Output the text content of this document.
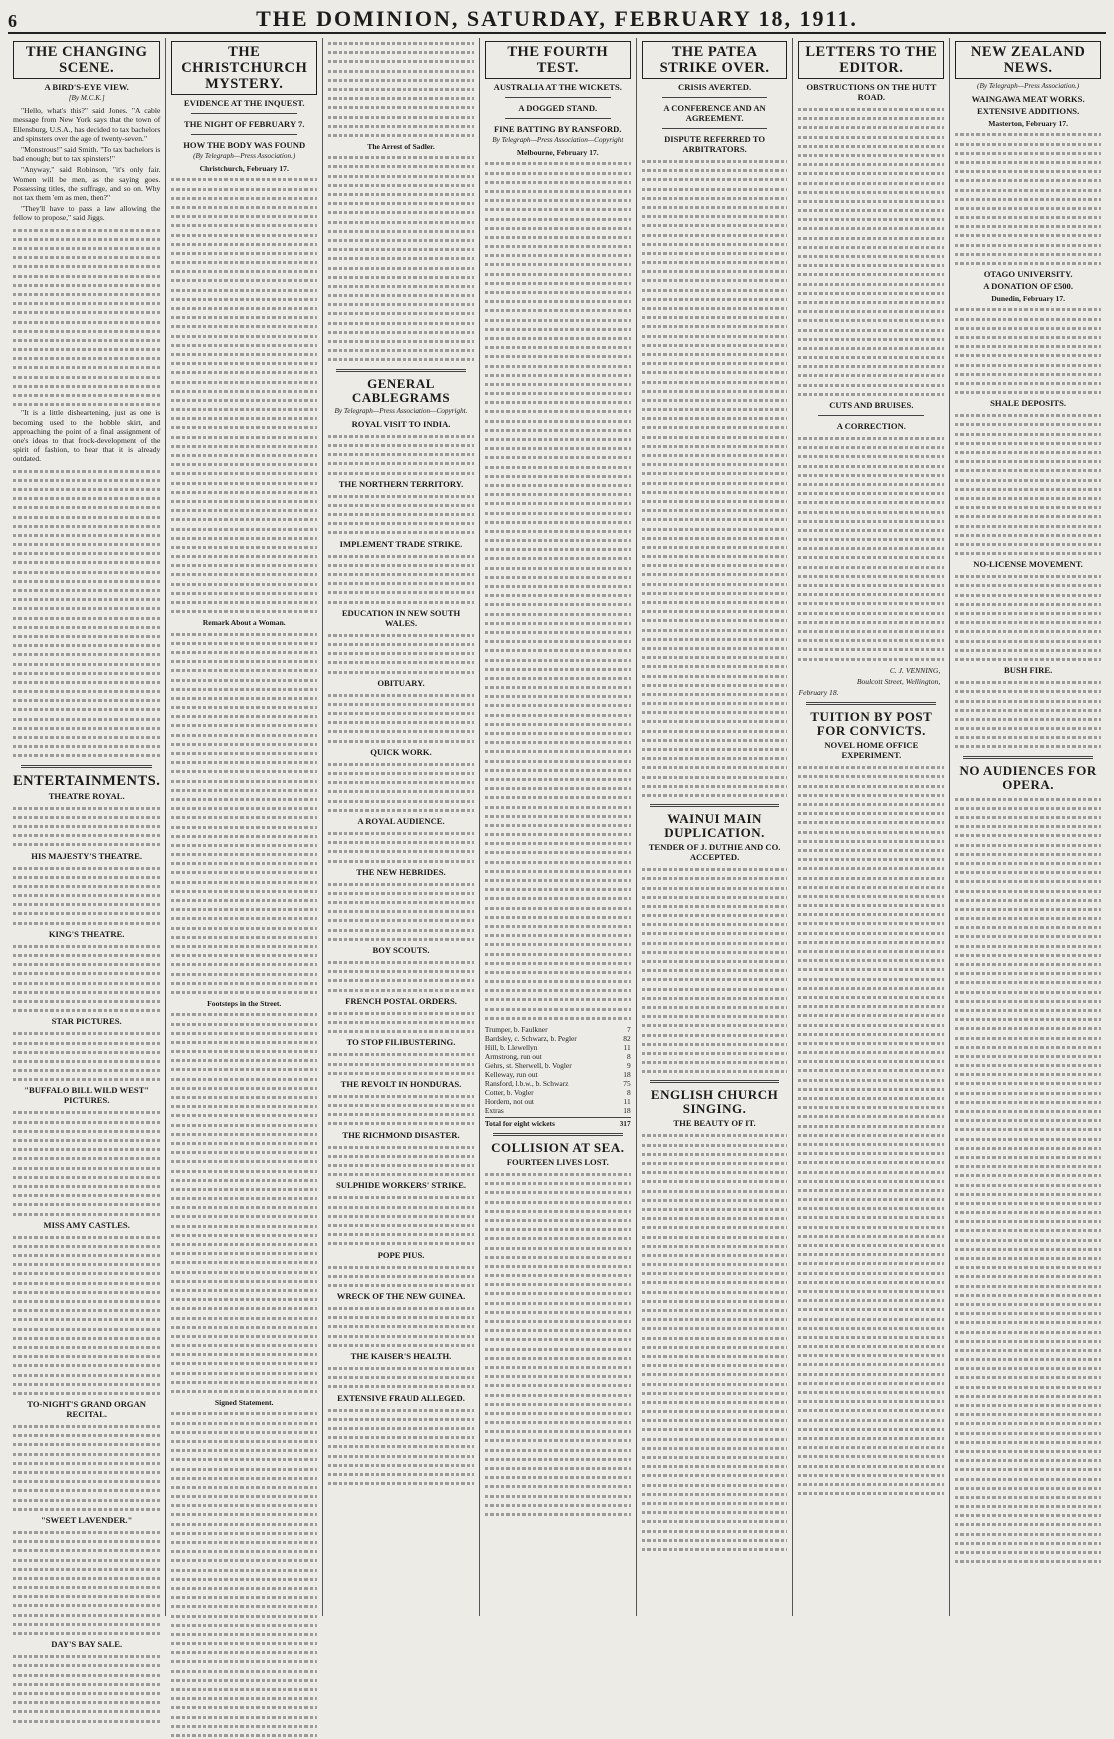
6	THE DOMINION, SATURDAY, FEBRUARY 18, 1911.
THE CHANGING SCENE.
A BIRD'S-EYE VIEW.
[By M.C.K.]

"Hello, what's this?" said Jones. "A cable message from New York says that the town of Ellensburg, U.S.A., has decided to tax bachelors and spinsters over the age of twenty-seven."

"Monstrous!" said Smith. "To tax bachelors is bad enough; but to tax spinsters!"

"Anyway," said Robinson, "it's only fair. Women will be men, as the saying goes. Possessing titles, the suffrage, and so on. Why not tax them 'em as men, then?"

"They'll have to pass a law allowing the fellow to propose," said Jiggs.

"It is a little disheartening, just as one is becoming used to the hobble skirt, and approaching the point of a final assignment of one's ideas to that frock-development of the spirit of fashion, to hear that it is already outdated.

ENTERTAINMENTS.
THEATRE ROYAL.
HIS MAJESTY'S THEATRE.
KING'S THEATRE.
STAR PICTURES.
"BUFFALO BILL WILD WEST" PICTURES.
MISS AMY CASTLES.
TO-NIGHT'S GRAND ORGAN RECITAL.
"SWEET LAVENDER."
DAY'S BAY SALE.
THE CHRISTCHURCH MYSTERY.
EVIDENCE AT THE INQUEST.
THE NIGHT OF FEBRUARY 7.
HOW THE BODY WAS FOUND
(By Telegraph—Press Association.)
Christchurch, February 17.
Remark About a Woman.
Footsteps in the Street.
Signed Statement.
The Arrest of Sadler.
GENERAL CABLEGRAMS
By Telegraph—Press Association—Copyright.
ROYAL VISIT TO INDIA.
THE NORTHERN TERRITORY.
IMPLEMENT TRADE STRIKE.
EDUCATION IN NEW SOUTH WALES.
OBITUARY.
QUICK WORK.
A ROYAL AUDIENCE.
THE NEW HEBRIDES.
BOY SCOUTS.
FRENCH POSTAL ORDERS.
TO STOP FILIBUSTERING.
THE REVOLT IN HONDURAS.
THE RICHMOND DISASTER.
SULPHIDE WORKERS' STRIKE.
POPE PIUS.
WRECK OF THE NEW GUINEA.
THE KAISER'S HEALTH.
EXTENSIVE FRAUD ALLEGED.
THE FOURTH TEST.
AUSTRALIA AT THE WICKETS.
A DOGGED STAND.
FINE BATTING BY RANSFORD.
By Telegraph—Press Association—Copyright
Melbourne, February 17.
Trumper, b. Faulkner	7
Bardsley, c. Schwarz, b. Pegler	82
Hill, b. Llewellyn	11
Armstrong, run out	8
Gehrs, st. Sherwell, b. Vogler	9
Kelleway, run out	18
Ransford, l.b.w., b. Schwarz	75
Cotter, b. Vogler	8
Hordern, not out	11
Extras	18
Total for eight wickets	317
COLLISION AT SEA.
FOURTEEN LIVES LOST.
THE PATEA STRIKE OVER.
CRISIS AVERTED.
A CONFERENCE AND AN AGREEMENT.
DISPUTE REFERRED TO ARBITRATORS.
WAINUI MAIN DUPLICATION.
TENDER OF J. DUTHIE AND CO. ACCEPTED.
ENGLISH CHURCH SINGING.
THE BEAUTY OF IT.
LETTERS TO THE EDITOR.
OBSTRUCTIONS ON THE HUTT ROAD.
CUTS AND BRUISES.
A CORRECTION.
C. J. VENNING,
Boulcott Street, Wellington,
February 18.
TUITION BY POST FOR CONVICTS.
NOVEL HOME OFFICE EXPERIMENT.
NEW ZEALAND NEWS.
(By Telegraph—Press Association.)
WAINGAWA MEAT WORKS.
EXTENSIVE ADDITIONS.
Masterton, February 17.
OTAGO UNIVERSITY.
A DONATION OF £500.
Dunedin, February 17.
SHALE DEPOSITS.
NO-LICENSE MOVEMENT.
BUSH FIRE.
NO AUDIENCES FOR OPERA.
